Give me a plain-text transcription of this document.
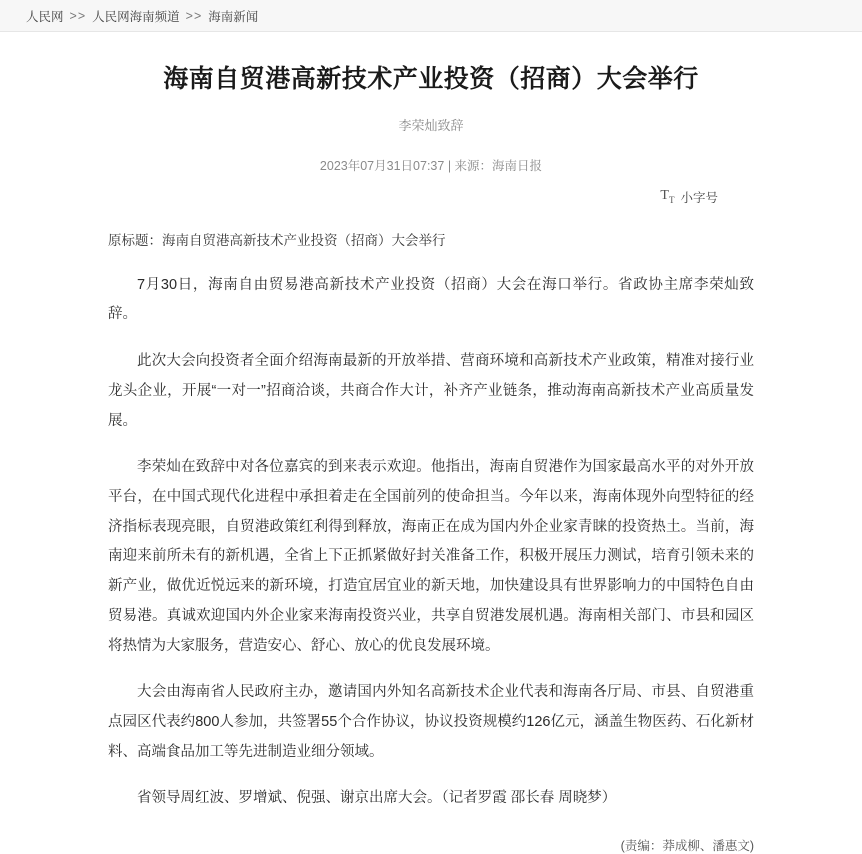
人民网 >> 人民网海南频道 >> 海南新闻
海南自贸港高新技术产业投资（招商）大会举行
李荣灿致辞
2023年07月31日07:37 | 来源：海南日报
$T_T$ 小字号
原标题：海南自贸港高新技术产业投资（招商）大会举行

7月30日，海南自由贸易港高新技术产业投资（招商）大会在海口举行。省政协主席李荣灿致辞。

此次大会向投资者全面介绍海南最新的开放举措、营商环境和高新技术产业政策，精准对接行业龙头企业，开展“一对一”招商洽谈，共商合作大计，补齐产业链条，推动海南高新技术产业高质量发展。

李荣灿在致辞中对各位嘉宾的到来表示欢迎。他指出，海南自贸港作为国家最高水平的对外开放平台，在中国式现代化进程中承担着走在全国前列的使命担当。今年以来，海南体现外向型特征的经济指标表现亮眼，自贸港政策红利得到释放，海南正在成为国内外企业家青睐的投资热土。当前，海南迎来前所未有的新机遇，全省上下正抓紧做好封关准备工作，积极开展压力测试，培育引领未来的新产业，做优近悦远来的新环境，打造宜居宜业的新天地，加快建设具有世界影响力的中国特色自由贸易港。真诚欢迎国内外企业家来海南投资兴业，共享自贸港发展机遇。海南相关部门、市县和园区将热情为大家服务，营造安心、舒心、放心的优良发展环境。

大会由海南省人民政府主办，邀请国内外知名高新技术企业代表和海南各厅局、市县、自贸港重点园区代表约800人参加，共签署55个合作协议，协议投资规模约126亿元，涵盖生物医药、石化新材料、高端食品加工等先进制造业细分领域。

省领导周红波、罗增斌、倪强、谢京出席大会。（记者罗霞 邵长春 周晓梦）

(责编：莽成柳、潘惠文)
